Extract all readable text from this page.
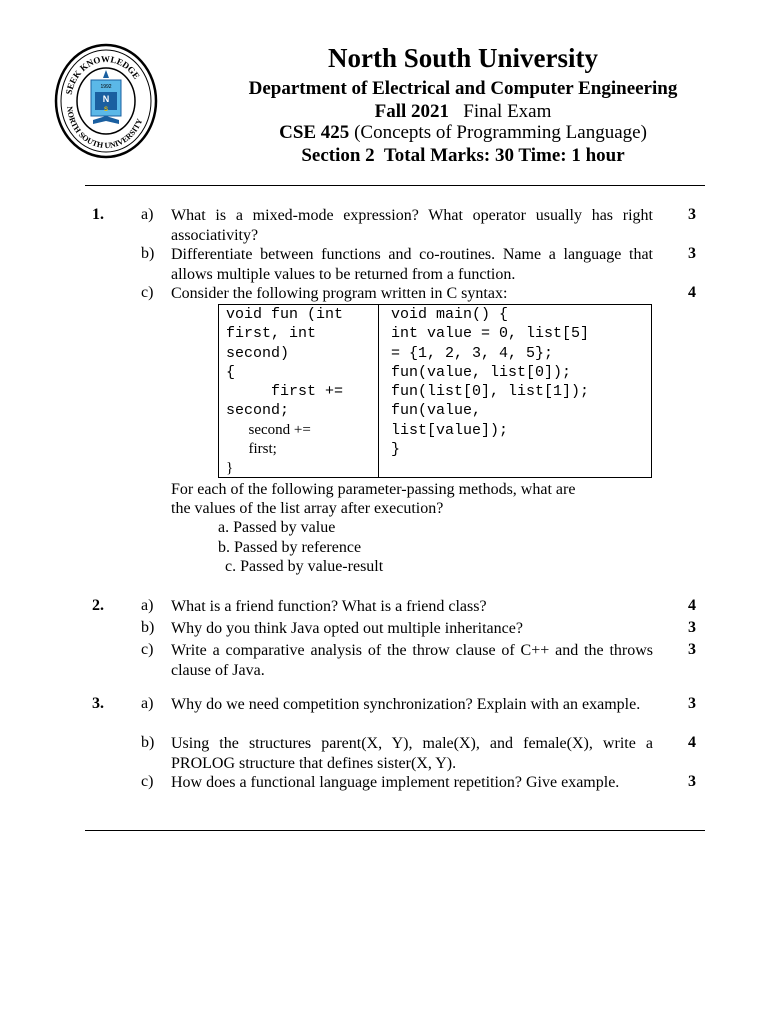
SEEK KNOWLEDGE
NORTH SOUTH UNIVERSITY
1992
N
S
North South University
Department of Electrical and Computer Engineering
Fall 2021 Final Exam
CSE 425 (Concepts of Programming Language)
Section 2  Total Marks: 30 Time: 1 hour
1. a) What is a mixed-mode expression? What operator usually has right associativity?
3
b) Differentiate between functions and co-routines. Name a language that allows multiple values to be returned from a function.
3
c) Consider the following program written in C syntax:	4
void fun (int
first, int
second)
{
first +=
second;
second +=
first;
}
void main() {
int value = 0, list[5]
= {1, 2, 3, 4, 5};
fun(value, list[0]);
fun(list[0], list[1]);
fun(value,
list[value]);
}
For each of the following parameter-passing methods, what are
the values of the list array after execution?
a. Passed by value
b. Passed by reference
c. Passed by value-result
2. a) What is a friend function? What is a friend class?	4
b) Why do you think Java opted out multiple inheritance?	3
c) Write a comparative analysis of the throw clause of C++ and the throws clause of Java.
3
3. a) Why do we need competition synchronization? Explain with an example.	3
b) Using the structures parent(X, Y), male(X), and female(X), write a PROLOG structure that defines sister(X, Y).
4
c) How does a functional language implement repetition? Give example.	3
